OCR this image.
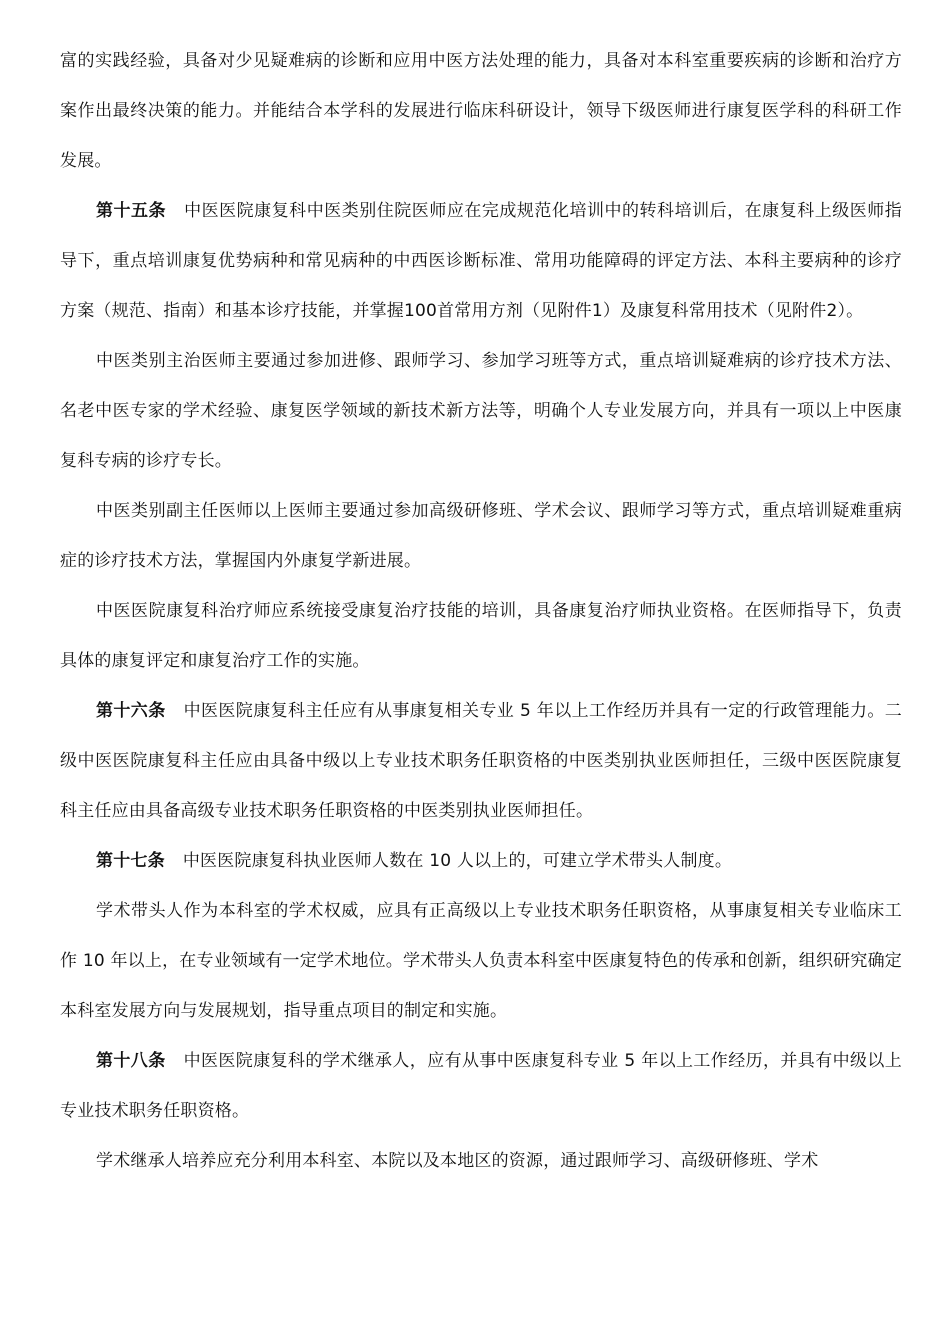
富的实践经验，具备对少见疑难病的诊断和应用中医方法处理的能力，具备对本科室重要疾病的诊断和治疗方案作出最终决策的能力。并能结合本学科的发展进行临床科研设计，领导下级医师进行康复医学科的科研工作发展。

第十五条 中医医院康复科中医类别住院医师应在完成规范化培训中的转科培训后，在康复科上级医师指导下，重点培训康复优势病种和常见病种的中西医诊断标准、常用功能障碍的评定方法、本科主要病种的诊疗方案（规范、指南）和基本诊疗技能，并掌握100首常用方剂（见附件1）及康复科常用技术（见附件2）。

中医类别主治医师主要通过参加进修、跟师学习、参加学习班等方式，重点培训疑难病的诊疗技术方法、名老中医专家的学术经验、康复医学领域的新技术新方法等，明确个人专业发展方向，并具有一项以上中医康复科专病的诊疗专长。

中医类别副主任医师以上医师主要通过参加高级研修班、学术会议、跟师学习等方式，重点培训疑难重病症的诊疗技术方法，掌握国内外康复学新进展。

中医医院康复科治疗师应系统接受康复治疗技能的培训，具备康复治疗师执业资格。在医师指导下，负责具体的康复评定和康复治疗工作的实施。

第十六条 中医医院康复科主任应有从事康复相关专业 5 年以上工作经历并具有一定的行政管理能力。二级中医医院康复科主任应由具备中级以上专业技术职务任职资格的中医类别执业医师担任，三级中医医院康复科主任应由具备高级专业技术职务任职资格的中医类别执业医师担任。

第十七条 中医医院康复科执业医师人数在 10 人以上的，可建立学术带头人制度。

学术带头人作为本科室的学术权威，应具有正高级以上专业技术职务任职资格，从事康复相关专业临床工作 10 年以上，在专业领域有一定学术地位。学术带头人负责本科室中医康复特色的传承和创新，组织研究确定本科室发展方向与发展规划，指导重点项目的制定和实施。

第十八条 中医医院康复科的学术继承人，应有从事中医康复科专业 5 年以上工作经历，并具有中级以上专业技术职务任职资格。

学术继承人培养应充分利用本科室、本院以及本地区的资源，通过跟师学习、高级研修班、学术
